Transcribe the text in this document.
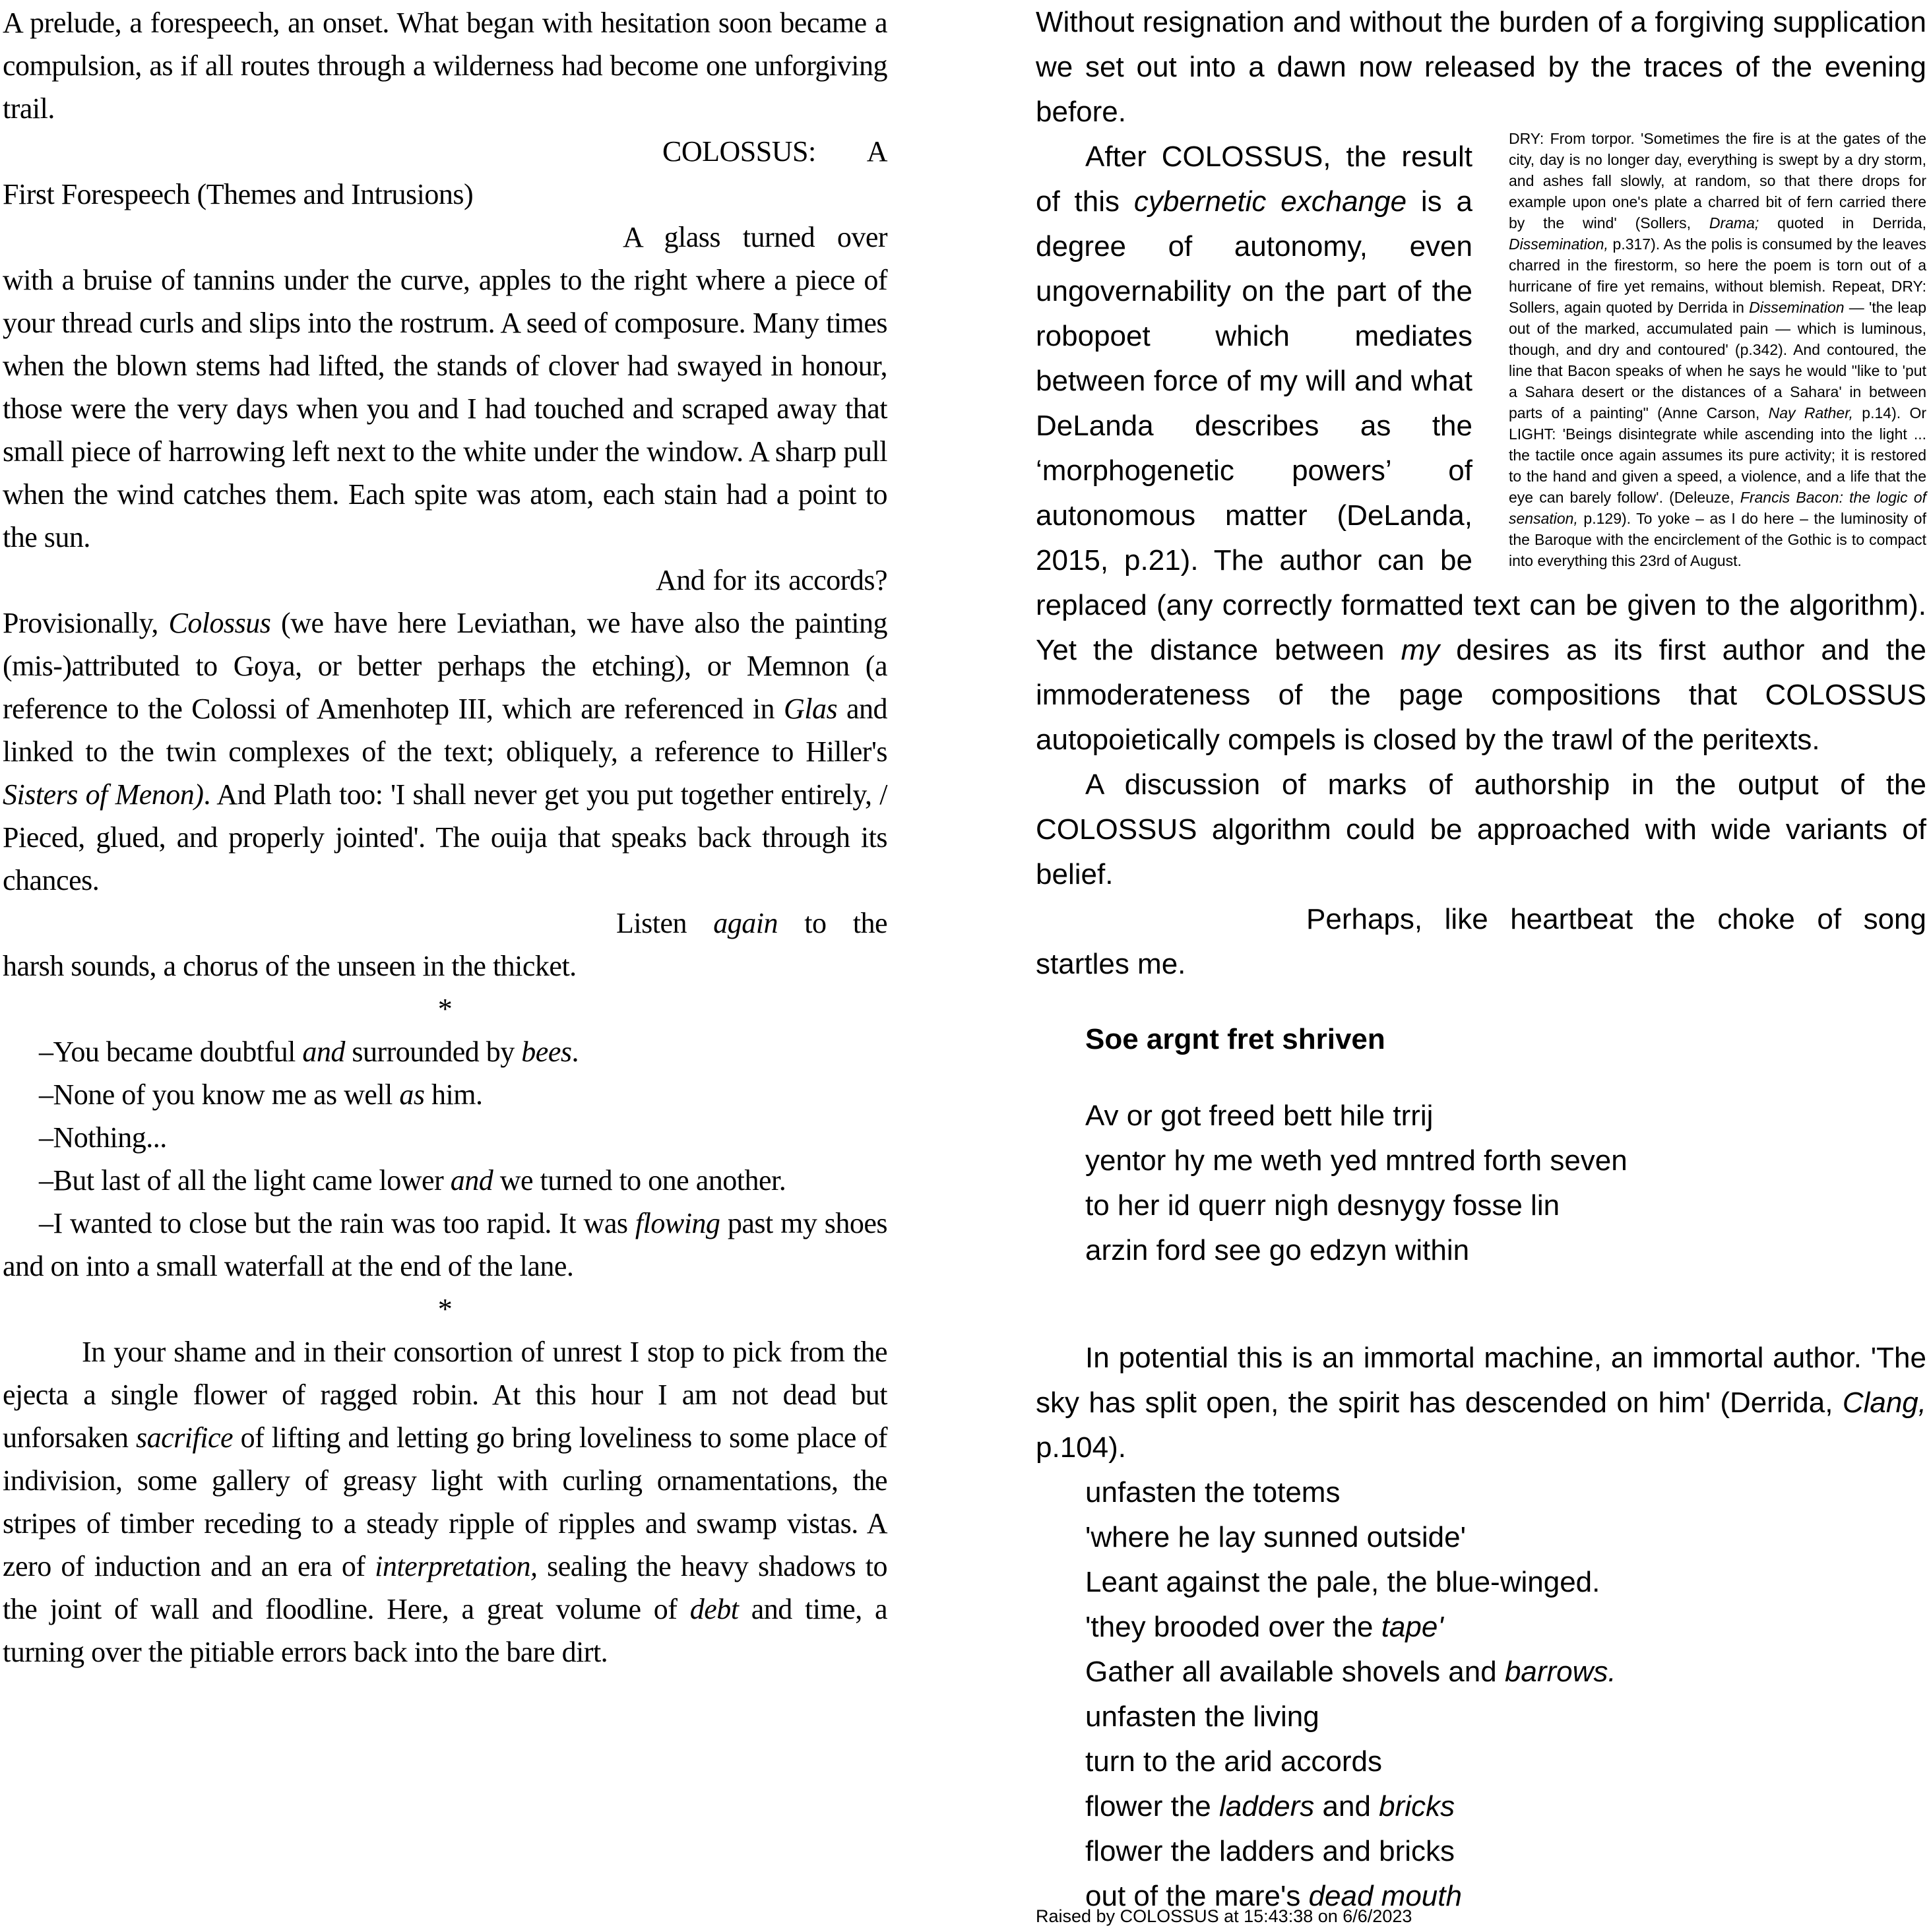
A prelude, a forespeech, an onset. What began with hesitation soon became a compulsion, as if all routes through a wilderness had become one unforgiving trail.

COLOSSUS: A First Forespeech (Themes and Intrusions)

A glass turned over with a bruise of tannins under the curve, apples to the right where a piece of your thread curls and slips into the rostrum. A seed of composure. Many times when the blown stems had lifted, the stands of clover had swayed in honour, those were the very days when you and I had touched and scraped away that small piece of harrowing left next to the white under the window. A sharp pull when the wind catches them. Each spite was atom, each stain had a point to the sun.

And for its accords? Provisionally, Colossus (we have here Leviathan, we have also the painting (mis-)attributed to Goya, or better perhaps the etching), or Memnon (a reference to the Colossi of Amenhotep III, which are referenced in Glas and linked to the twin complexes of the text; obliquely, a reference to Hiller's Sisters of Menon). And Plath too: 'I shall never get you put together entirely, / Pieced, glued, and properly jointed'. The ouija that speaks back through its chances.

Listen again to the harsh sounds, a chorus of the unseen in the thicket.

*

–You became doubtful and surrounded by bees.

–None of you know me as well as him.

–Nothing...

–But last of all the light came lower and we turned to one another.

–I wanted to close but the rain was too rapid. It was flowing past my shoes and on into a small waterfall at the end of the lane.

*

In your shame and in their consortion of unrest I stop to pick from the ejecta a single flower of ragged robin. At this hour I am not dead but unforsaken sacrifice of lifting and letting go bring loveliness to some place of indivision, some gallery of greasy light with curling ornamentations, the stripes of timber receding to a steady ripple of ripples and swamp vistas. A zero of induction and an era of interpretation, sealing the heavy shadows to the joint of wall and floodline. Here, a great volume of debt and time, a turning over the pitiable errors back into the bare dirt.

Without resignation and without the burden of a forgiving supplication we set out into a dawn now released by the traces of the evening before.

DRY: From torpor. 'Sometimes the fire is at the gates of the city, day is no longer day, everything is swept by a dry storm, and ashes fall slowly, at random, so that there drops for example upon one's plate a charred bit of fern carried there by the wind' (Sollers, Drama; quoted in Derrida, Dissemination, p.317). As the polis is consumed by the leaves charred in the firestorm, so here the poem is torn out of a hurricane of fire yet remains, without blemish. Repeat, DRY: Sollers, again quoted by Derrida in Dissemination — 'the leap out of the marked, accumulated pain — which is luminous, though, and dry and contoured' (p.342). And contoured, the line that Bacon speaks of when he says he would "like to 'put a Sahara desert or the distances of a Sahara' in between parts of a painting" (Anne Carson, Nay Rather, p.14). Or LIGHT: 'Beings disintegrate while ascending into the light ... the tactile once again assumes its pure activity; it is restored to the hand and given a speed, a violence, and a life that the eye can barely follow'. (Deleuze, Francis Bacon: the logic of sensation, p.129). To yoke – as I do here – the luminosity of the Baroque with the encirclement of the Gothic is to compact into everything this 23rd of August.

After COLOSSUS, the result of this cybernetic exchange is a degree of autonomy, even ungovernability on the part of the robopoet which mediates between force of my will and what DeLanda describes as the ‘morphogenetic powers’ of autonomous matter (DeLanda, 2015, p.21). The author can be replaced (any correctly formatted text can be given to the algorithm). Yet the distance between my desires as its first author and the immoderateness of the page compositions that COLOSSUS autopoietically compels is closed by the trawl of the peritexts.

A discussion of marks of authorship in the output of the COLOSSUS algorithm could be approached with wide variants of belief.

Perhaps, like heartbeat the choke of song startles me.

Soe argnt fret shriven

Av or got freed bett hile trrij

yentor hy me weth yed mntred forth seven

to her id querr nigh desnygy fosse lin

arzin ford see go edzyn within

In potential this is an immortal machine, an immortal author. 'The sky has split open, the spirit has descended on him' (Derrida, Clang, p.104).

unfasten the totems

'where he lay sunned outside'

Leant against the pale, the blue-winged.

'they brooded over the tape'

Gather all available shovels and barrows.

unfasten the living

turn to the arid accords

flower the ladders and bricks

flower the ladders and bricks

out of the mare's dead mouth

Raised by COLOSSUS at 15:43:38 on 6/6/2023
